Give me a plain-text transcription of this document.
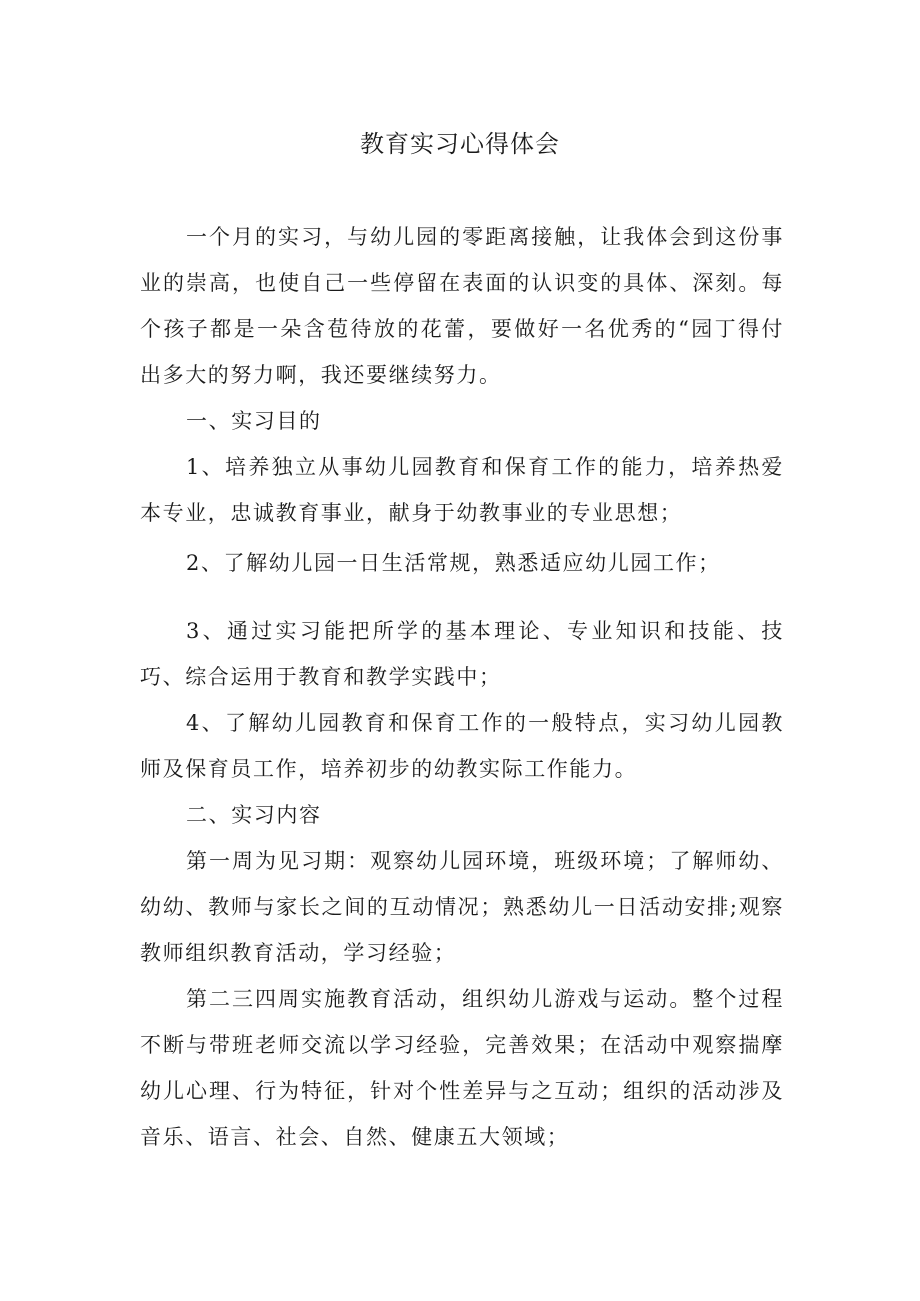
教育实习心得体会

一个月的实习，与幼儿园的零距离接触，让我体会到这份事业的崇高，也使自己一些停留在表面的认识变的具体、深刻。每个孩子都是一朵含苞待放的花蕾，要做好一名优秀的“园丁得付出多大的努力啊，我还要继续努力。

一、实习目的

1、培养独立从事幼儿园教育和保育工作的能力，培养热爱本专业，忠诚教育事业，献身于幼教事业的专业思想；

2、了解幼儿园一日生活常规，熟悉适应幼儿园工作；

3、通过实习能把所学的基本理论、专业知识和技能、技巧、综合运用于教育和教学实践中；

4、了解幼儿园教育和保育工作的一般特点，实习幼儿园教师及保育员工作，培养初步的幼教实际工作能力。

二、实习内容

第一周为见习期：观察幼儿园环境，班级环境；了解师幼、幼幼、教师与家长之间的互动情况；熟悉幼儿一日活动安排;观察教师组织教育活动，学习经验；

第二三四周实施教育活动，组织幼儿游戏与运动。整个过程不断与带班老师交流以学习经验，完善效果；在活动中观察揣摩幼儿心理、行为特征，针对个性差异与之互动；组织的活动涉及音乐、语言、社会、自然、健康五大领域；
